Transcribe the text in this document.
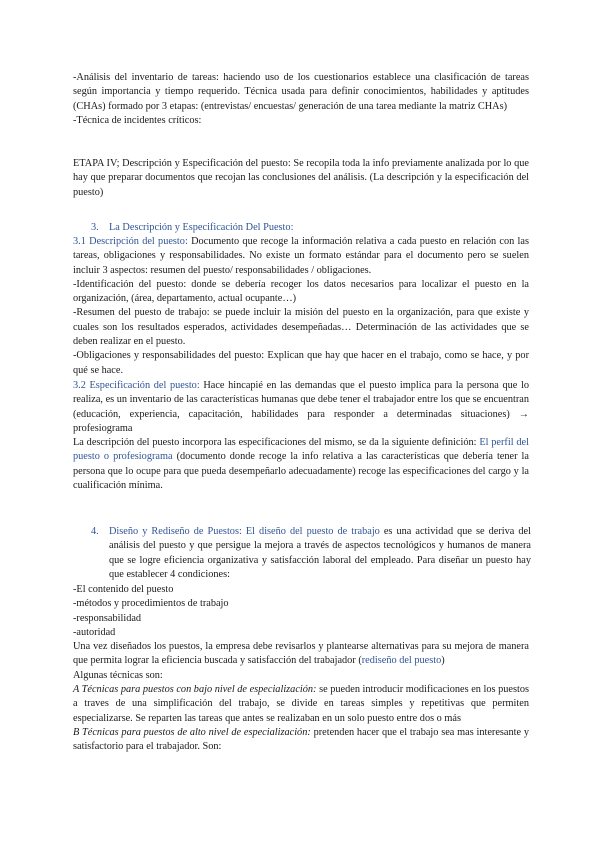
-Análisis del inventario de tareas: haciendo uso de los cuestionarios establece una clasificación de tareas según importancia y tiempo requerido. Técnica usada para definir conocimientos, habilidades y aptitudes (CHAs) formado por 3 etapas: (entrevistas/ encuestas/ generación de una tarea mediante la matriz CHAs)

-Técnica de incidentes críticos:

ETAPA IV; Descripción y Especificación del puesto: Se recopila toda la info previamente analizada por lo que hay que preparar documentos que recojan las conclusiones del análisis. (La descripción y la especificación del puesto)

3. La Descripción y Especificación Del Puesto:

3.1 Descripción del puesto: Documento que recoge la información relativa a cada puesto en relación con las tareas, obligaciones y responsabilidades. No existe un formato estándar para el documento pero se suelen incluir 3 aspectos: resumen del puesto/ responsabilidades / obligaciones.

-Identificación del puesto: donde se debería recoger los datos necesarios para localizar el puesto en la organización, (área, departamento, actual ocupante…)

-Resumen del puesto de trabajo: se puede incluir la misión del puesto en la organización, para que existe y cuales son los resultados esperados, actividades desempeñadas… Determinación de las actividades que se deben realizar en el puesto.

-Obligaciones y responsabilidades del puesto: Explican que hay que hacer en el trabajo, como se hace, y por qué se hace.

3.2 Especificación del puesto: Hace hincapié en las demandas que el puesto implica para la persona que lo realiza, es un inventario de las características humanas que debe tener el trabajador entre los que se encuentran (educación, experiencia, capacitación, habilidades para responder a determinadas situaciones) → profesiograma

La descripción del puesto incorpora las especificaciones del mismo, se da la siguiente definición: El perfil del puesto o profesiograma (documento donde recoge la info relativa a las características que debería tener la persona que lo ocupe para que pueda desempeñarlo adecuadamente) recoge las especificaciones del cargo y la cualificación mínima.

4. Diseño y Rediseño de Puestos: El diseño del puesto de trabajo es una actividad que se deriva del análisis del puesto y que persigue la mejora a través de aspectos tecnológicos y humanos de manera que se logre eficiencia organizativa y satisfacción laboral del empleado. Para diseñar un puesto hay que establecer 4 condiciones:

-El contenido del puesto

-métodos y procedimientos de trabajo

-responsabilidad

-autoridad

Una vez diseñados los puestos, la empresa debe revisarlos y plantearse alternativas para su mejora de manera que permita lograr la eficiencia buscada y satisfacción del trabajador (rediseño del puesto)

Algunas técnicas son:

A Técnicas para puestos con bajo nivel de especialización: se pueden introducir modificaciones en los puestos a traves de una simplificación del trabajo, se divide en tareas simples y repetitivas que permiten especializarse. Se reparten las tareas que antes se realizaban en un solo puesto entre dos o más

B Técnicas para puestos de alto nivel de especialización: pretenden hacer que el trabajo sea mas interesante y satisfactorio para el trabajador. Son:
